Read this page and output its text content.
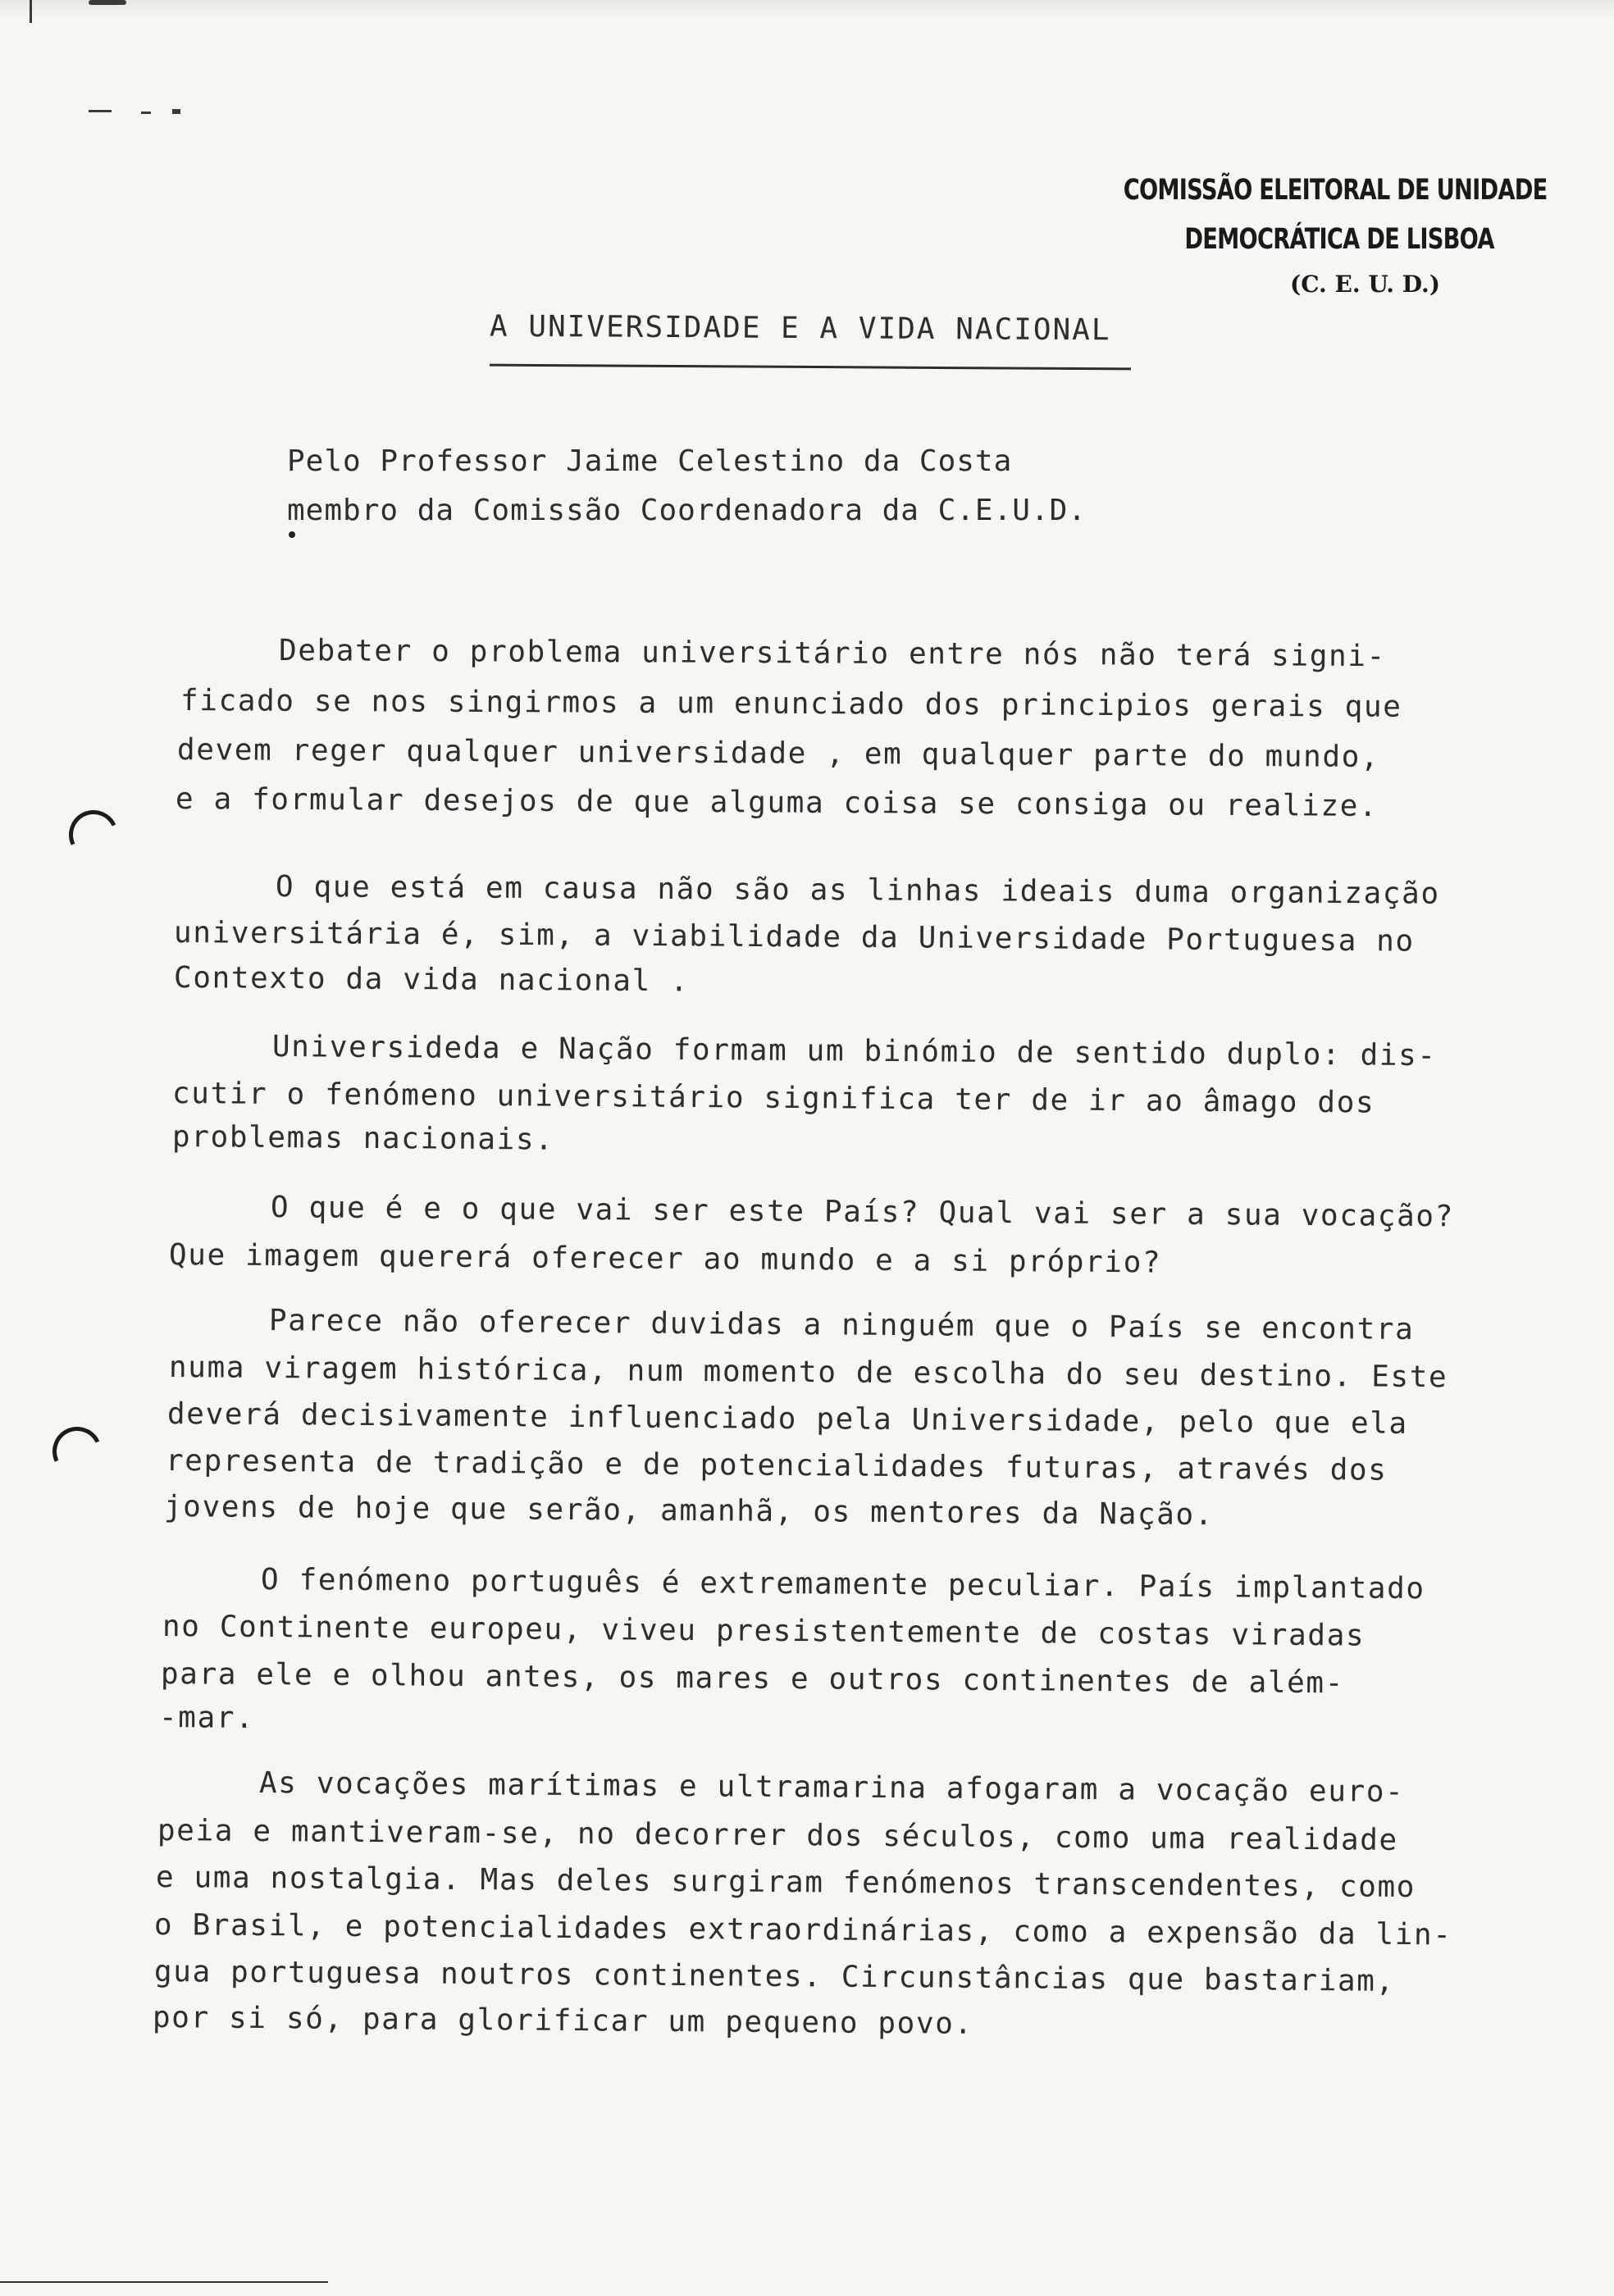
COMISSÃO ELEITORAL DE UNIDADE
DEMOCRÁTICA DE LISBOA
(C. E. U. D.)
A UNIVERSIDADE E A VIDA NACIONAL
Pelo Professor Jaime Celestino da Costa
membro da Comissão Coordenadora da C.E.U.D.
Debater o problema universitário entre nós não terá signi-
ficado se nos singirmos a um enunciado dos principios gerais que
devem reger qualquer universidade , em qualquer parte do mundo,
e a formular desejos de que alguma coisa se consiga ou realize.
O que está em causa não são as linhas ideais duma organização
universitária é, sim, a viabilidade da Universidade Portuguesa no
Contexto da vida nacional .
Universideda e Nação formam um binómio de sentido duplo: dis-
cutir o fenómeno universitário significa ter de ir ao âmago dos
problemas nacionais.
O que é e o que vai ser este País? Qual vai ser a sua vocação?
Que imagem quererá oferecer ao mundo e a si próprio?
Parece não oferecer duvidas a ninguém que o País se encontra
numa viragem histórica, num momento de escolha do seu destino. Este
deverá decisivamente influenciado pela Universidade, pelo que ela
representa de tradição e de potencialidades futuras, através dos
jovens de hoje que serão, amanhã, os mentores da Nação.
O fenómeno português é extremamente peculiar. País implantado
no Continente europeu, viveu presistentemente de costas viradas
para ele e olhou antes, os mares e outros continentes de além-
-mar.
As vocações marítimas e ultramarina afogaram a vocação euro-
peia e mantiveram-se, no decorrer dos séculos, como uma realidade
e uma nostalgia. Mas deles surgiram fenómenos transcendentes, como
o Brasil, e potencialidades extraordinárias, como a expensão da lin-
gua portuguesa noutros continentes. Circunstâncias que bastariam,
por si só, para glorificar um pequeno povo.
